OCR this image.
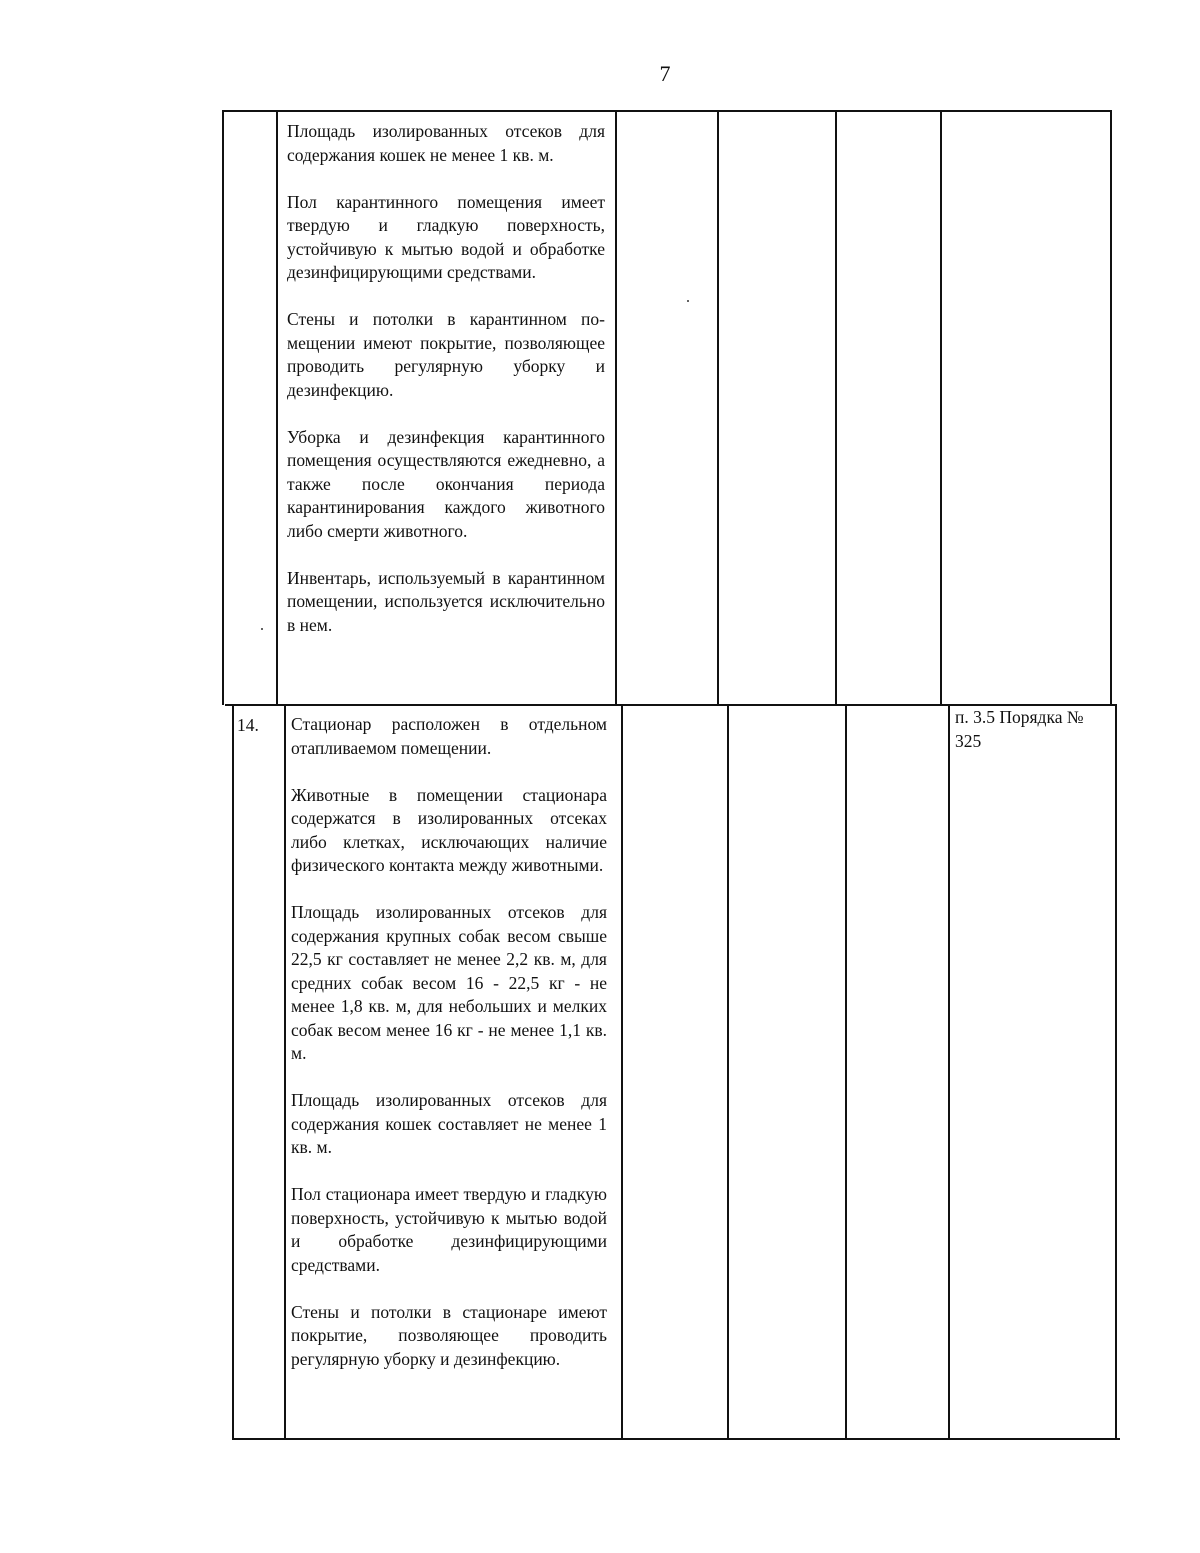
7

Площадь изолированных отсеков для содержания кошек не менее 1 кв. м.

Пол карантинного помещения имеет твердую и гладкую поверхность, устойчивую к мытью водой и обработке дезинфицирующими средствами.

Стены и потолки в карантинном помещении имеют покрытие, позволяющее проводить регулярную уборку и дезинфекцию.

Уборка и дезинфекция карантинного помещения осуществляются ежедневно, а также после окончания периода карантинирования каждого животного либо смерти животного.

Инвентарь, используемый в карантинном помещении, используется исключительно в нем.

14. Стационар расположен в отдельном отапливаемом помещении.

Животные в помещении стационара содержатся в изолированных отсеках либо клетках, исключающих наличие физического контакта между животными.

Площадь изолированных отсеков для содержания крупных собак весом свыше 22,5 кг составляет не менее 2,2 кв. м, для средних собак весом 16 - 22,5 кг - не менее 1,8 кв. м, для небольших и мелких собак весом менее 16 кг - не менее 1,1 кв. м.

Площадь изолированных отсеков для содержания кошек составляет не менее 1 кв. м.

Пол стационара имеет твердую и гладкую поверхность, устойчивую к мытью водой и обработке дезинфицирующими средствами.

Стены и потолки в стационаре имеют покрытие, позволяющее проводить регулярную уборку и дезинфекцию.

п. 3.5 Порядка № 325
